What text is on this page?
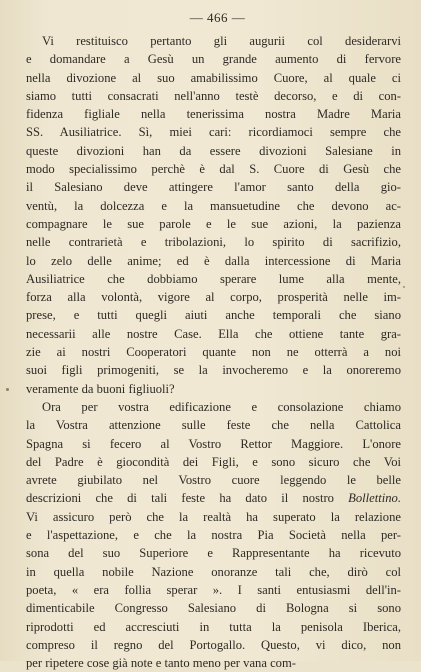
— 466 —
Vi restituisco pertanto gli augurii col desiderarvi
e domandare a Gesù un grande aumento di fervore
nella divozione al suo amabilissimo Cuore, al quale ci
siamo tutti consacrati nell'anno testè decorso, e di con-
fidenza figliale nella tenerissima nostra Madre Maria
SS. Ausiliatrice. Sì, miei cari: ricordiamoci sempre che
queste divozioni han da essere divozioni Salesiane in
modo specialissimo perchè è dal S. Cuore di Gesù che
il Salesiano deve attingere l'amor santo della gio-
ventù, la dolcezza e la mansuetudine che devono ac-
compagnare le sue parole e le sue azioni, la pazienza
nelle contrarietà e tribolazioni, lo spirito di sacrifizio,
lo zelo delle anime; ed è dalla intercessione di Maria
Ausiliatrice che dobbiamo sperare lume alla mente,
forza alla volontà, vigore al corpo, prosperità nelle im-
prese, e tutti quegli aiuti anche temporali che siano
necessarii alle nostre Case. Ella che ottiene tante gra-
zie ai nostri Cooperatori quante non ne otterrà a noi
suoi figli primogeniti, se la invocheremo e la onoreremo
veramente da buoni figliuoli?
Ora per vostra edificazione e consolazione chiamo
la Vostra attenzione sulle feste che nella Cattolica
Spagna si fecero al Vostro Rettor Maggiore. L'onore
del Padre è giocondità dei Figli, e sono sicuro che Voi
avrete giubilato nel Vostro cuore leggendo le belle
descrizioni che di tali feste ha dato il nostro Bollettino.
Vi assicuro però che la realtà ha superato la relazione
e l'aspettazione, e che la nostra Pia Società nella per-
sona del suo Superiore e Rappresentante ha ricevuto
in quella nobile Nazione onoranze tali che, dirò col
poeta, « era follia sperar ». I santi entusiasmi dell'in-
dimenticabile Congresso Salesiano di Bologna si sono
riprodotti ed accresciuti in tutta la penisola Iberica,
compreso il regno del Portogallo. Questo, vi dico, non
per ripetere cose già note e tanto meno per vana com-
